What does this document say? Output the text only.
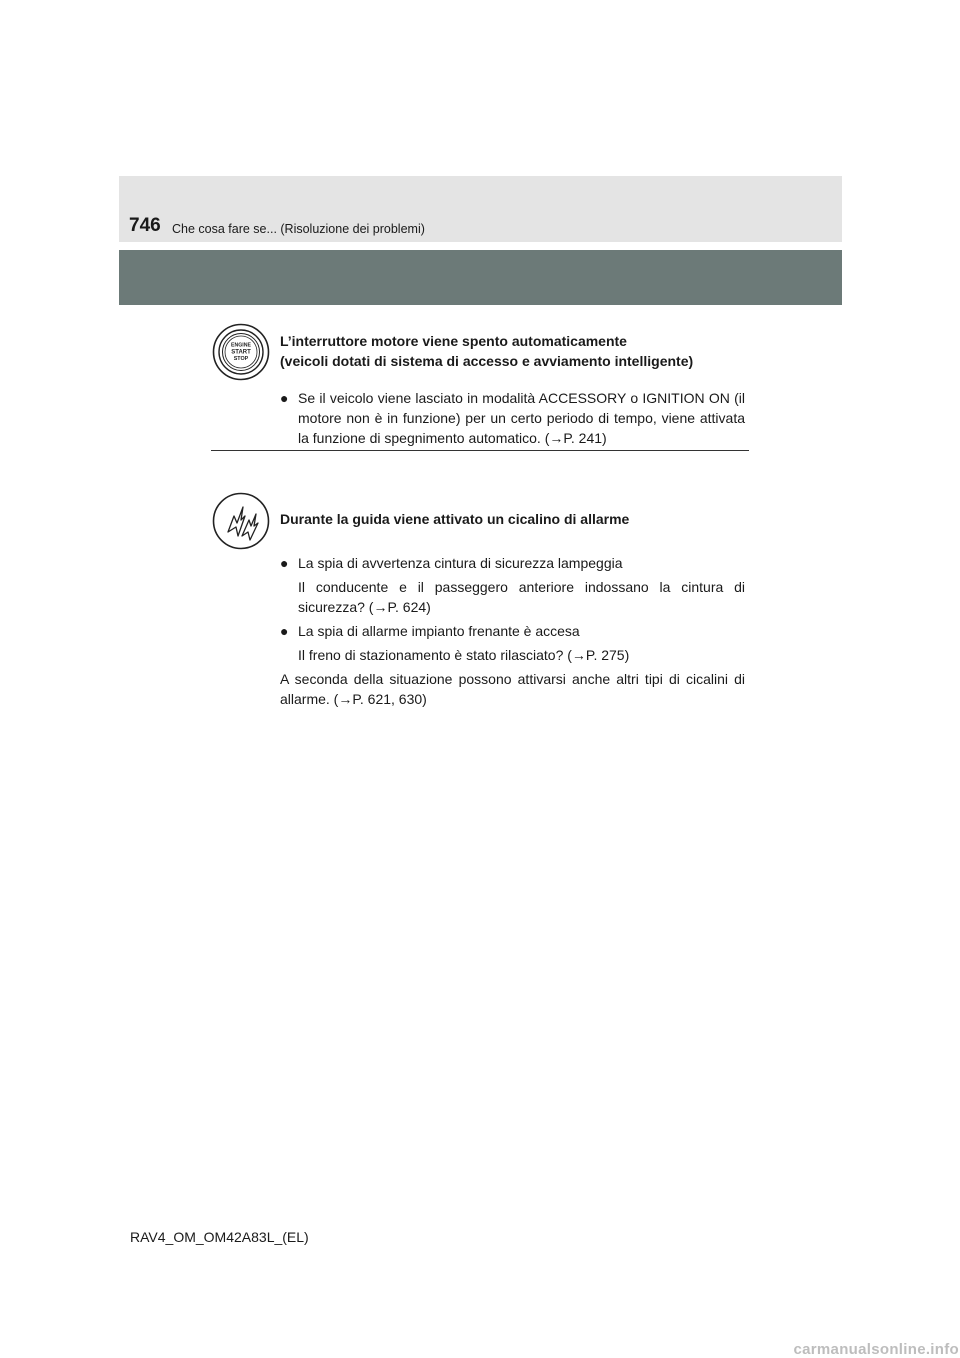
746 Che cosa fare se... (Risoluzione dei problemi)
ENGINE
START
STOP
L’interruttore motore viene spento automaticamente
(veicoli dotati di sistema di accesso e avviamento intelligente)
● Se il veicolo viene lasciato in modalità ACCESSORY o IGNITION ON (il motore non è in funzione) per un certo periodo di tempo, viene attivata la funzione di spegnimento automatico. (→P. 241)
Durante la guida viene attivato un cicalino di allarme
● La spia di avvertenza cintura di sicurezza lampeggia
Il conducente e il passeggero anteriore indossano la cintura di sicurezza? (→P. 624)
● La spia di allarme impianto frenante è accesa
Il freno di stazionamento è stato rilasciato? (→P. 275)
A seconda della situazione possono attivarsi anche altri tipi di cicalini di allarme. (→P. 621, 630)
RAV4_OM_OM42A83L_(EL)
carmanualsonline.info
